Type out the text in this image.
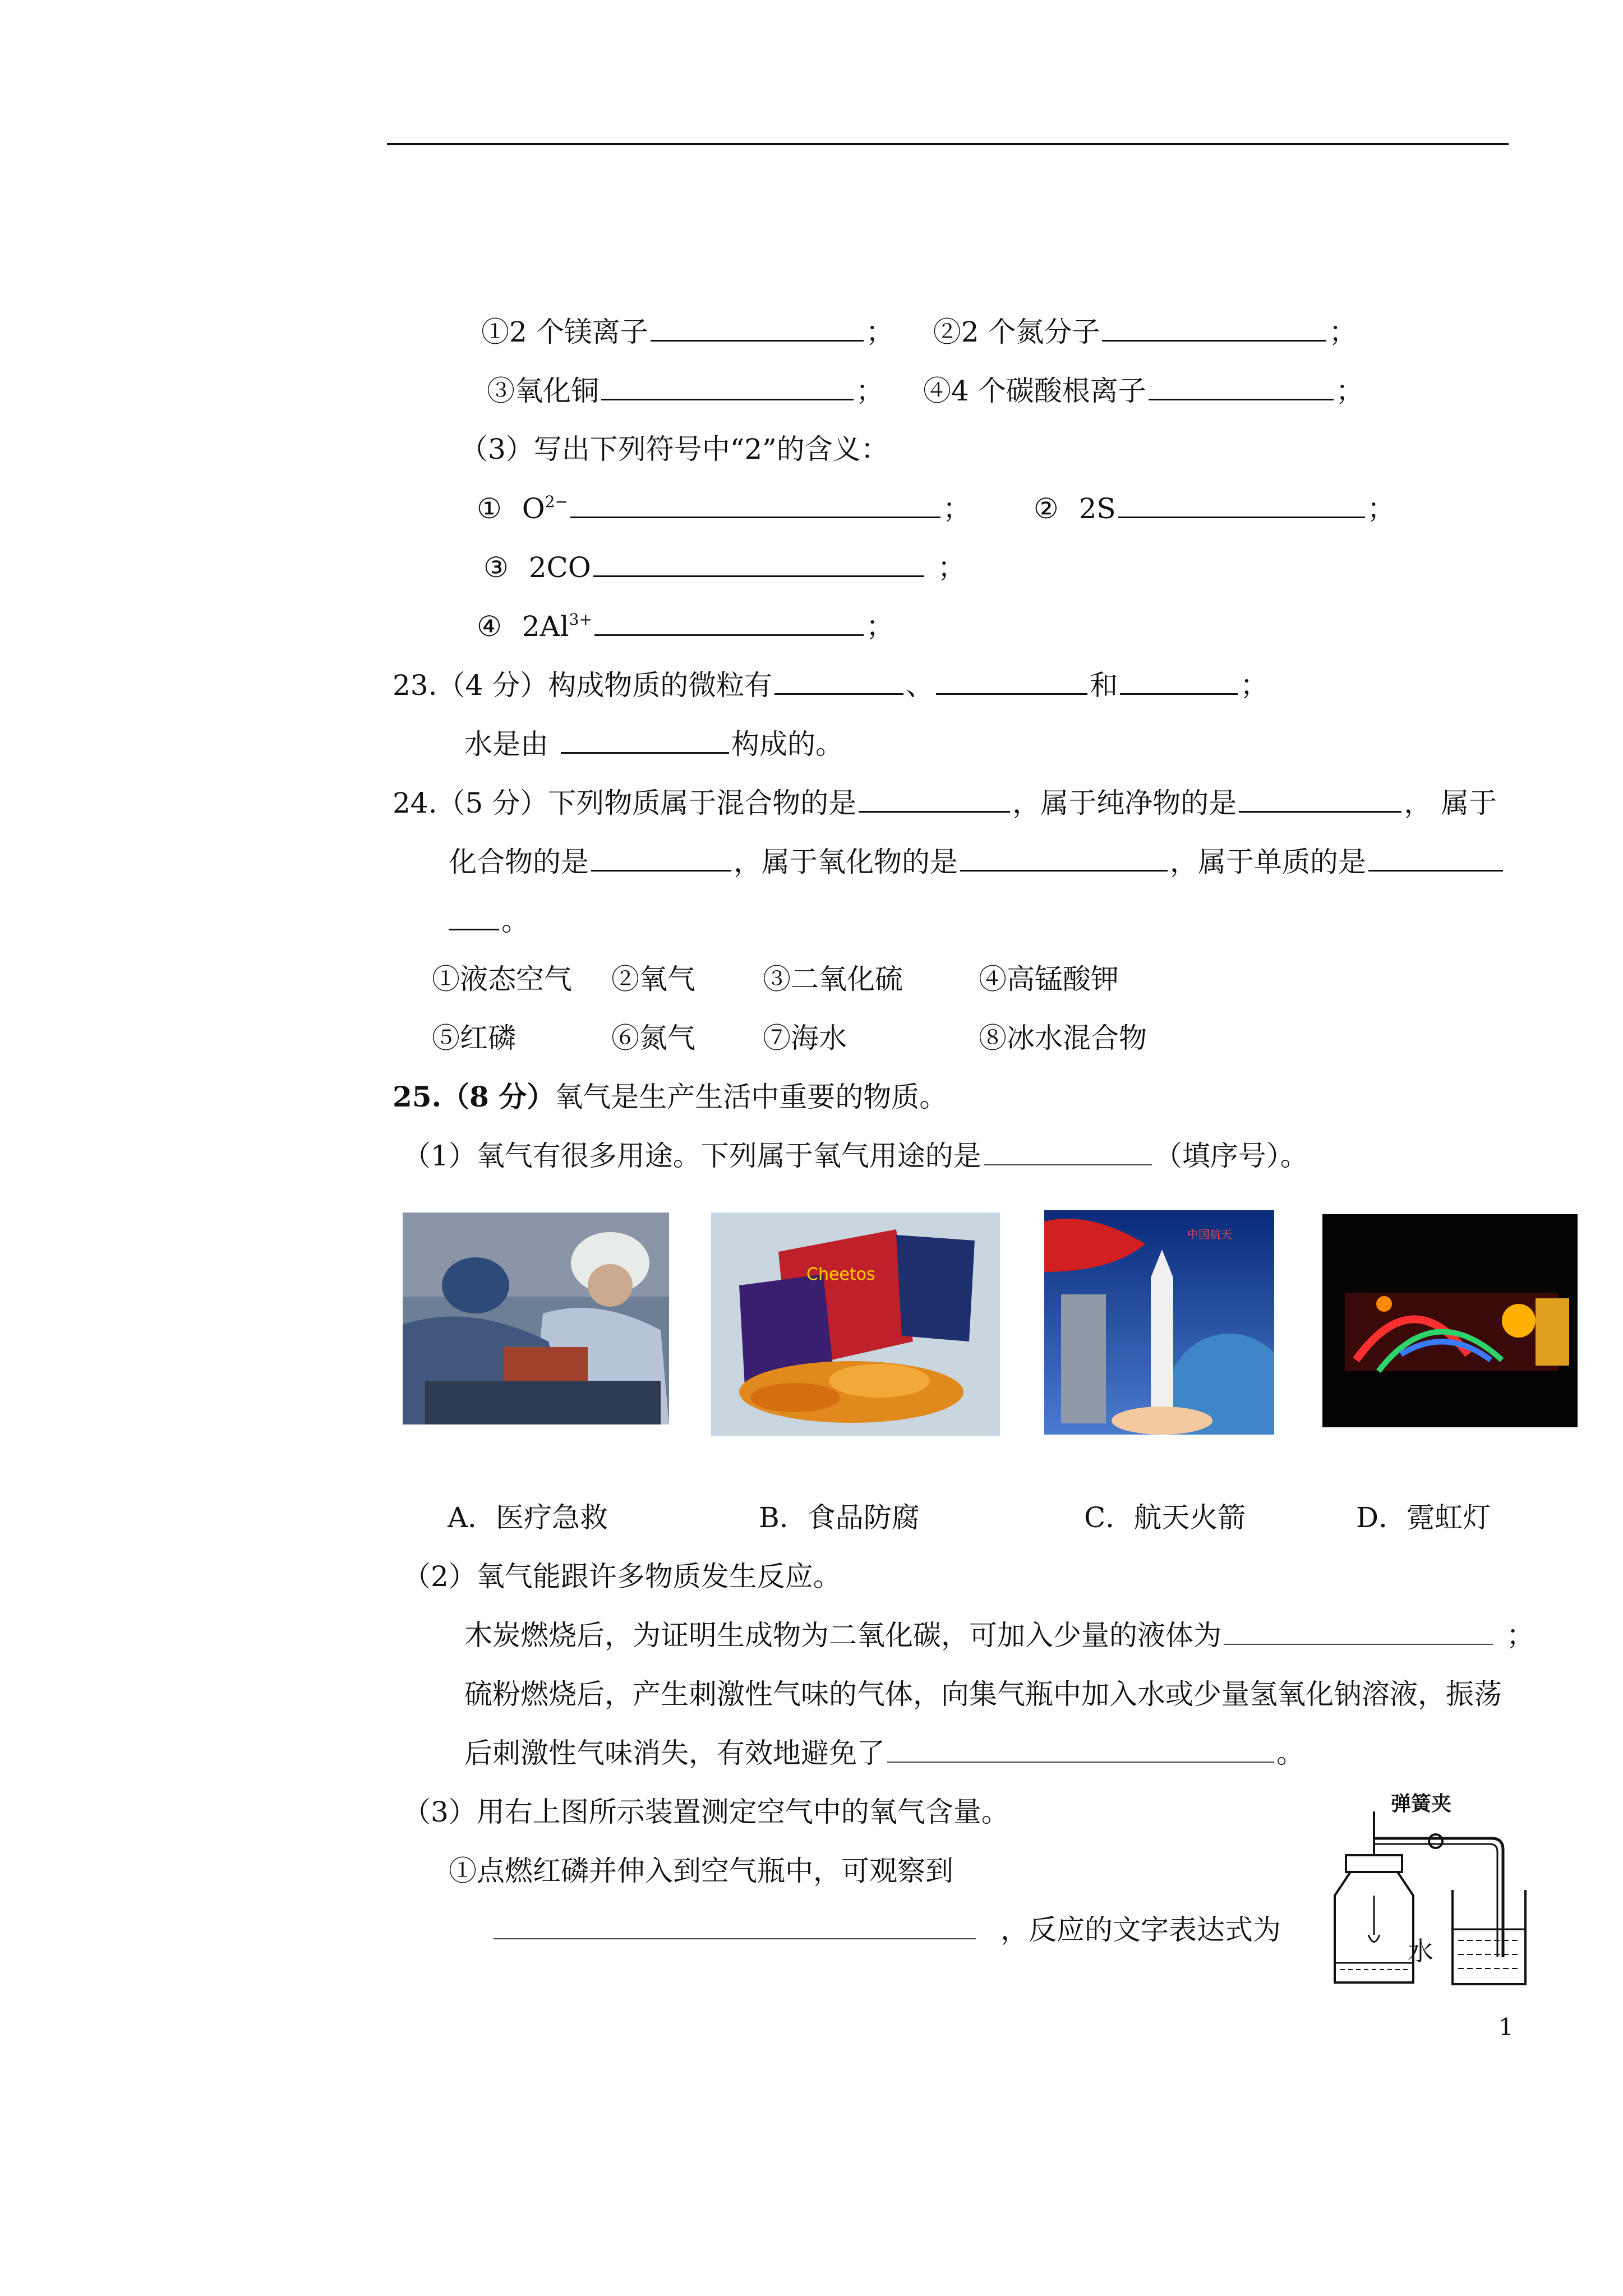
①2 个镁离子	； ②2 个氮分子	；
③氧化铜	； ④4 个碳酸根离子	；
（3）写出下列符号中“2”的含义：
① $O^{2-}$	； ② 2S	；
③ 2CO	；
④ $2Al^{3+}$	；
23.（4 分）构成物质的微粒有	、	和	；
水是由	构成的。
24.（5 分）下列物质属于混合物的是	，属于纯净物的是	， 属于
化合物的是	，属于氧化物的是	，属于单质的是
。
①液态空气 ②氧气 ③二氧化硫	④高锰酸钾
⑤红磷	⑥氮气 ⑦海水	⑧冰水混合物
25.（8 分）氧气是生产生活中重要的物质。
（1）氧气有很多用途。下列属于氧气用途的是	（填序号）。
Cheetos
中国航天
A．医疗急救	B．食品防腐	C．航天火箭	D．霓虹灯
（2）氧气能跟许多物质发生反应。
木炭燃烧后，为证明生成物为二氧化碳，可加入少量的液体为	；
硫粉燃烧后，产生刺激性气味的气体，向集气瓶中加入水或少量氢氧化钠溶液，振荡
后刺激性气味消失，有效地避免了	。
（3）用右上图所示装置测定空气中的氧气含量。
①点燃红磷并伸入到空气瓶中，可观察到
，反应的文字表达式为
弹簧夹
水
1
